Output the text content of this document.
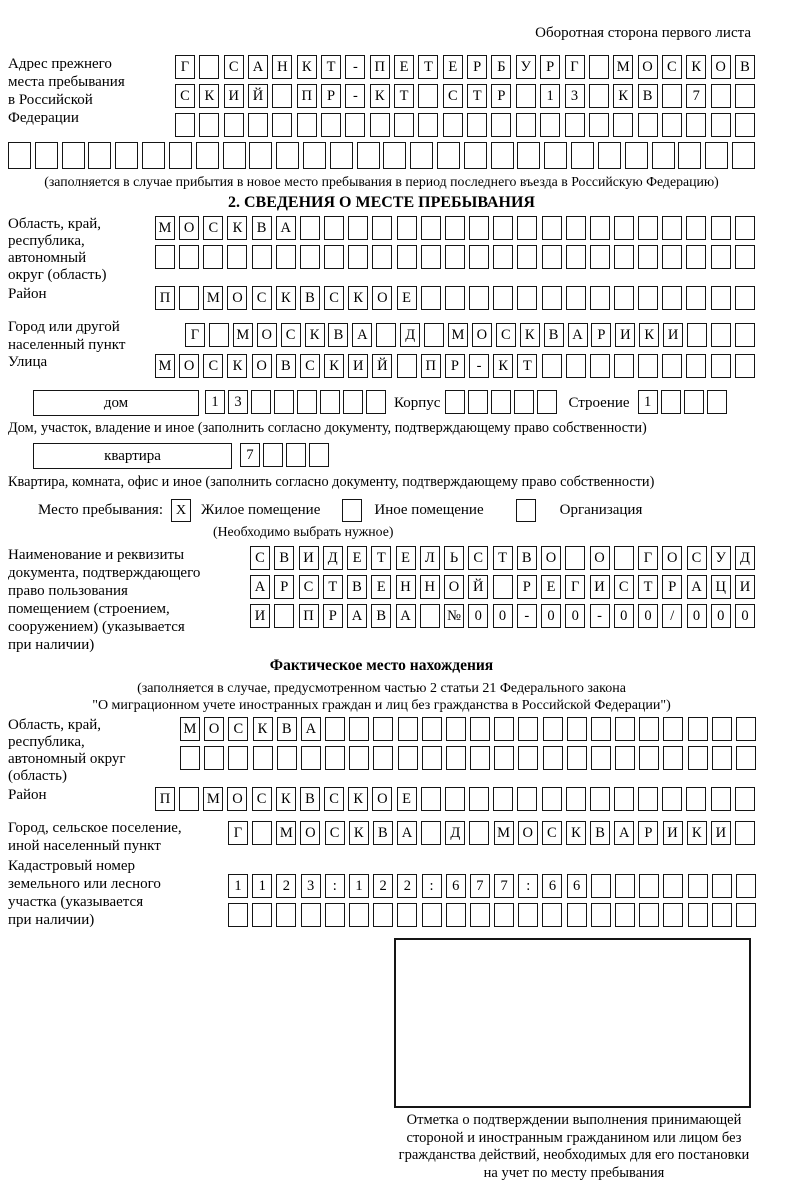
Оборотная сторона первого листа
Адрес прежнего
места пребывания
в Российской
Федерации
Г	С А Н К	Т	-	П	Е	Т	Е	Р	Б	У	Р	Г	М О С	К О В
С	К И Й	П	Р	-	К	Т	С	Т	Р	1	3	К	В	7
(заполняется в случае прибытия в новое место пребывания в период последнего въезда в Российскую Федерацию)
2. СВЕДЕНИЯ О МЕСТЕ ПРЕБЫВАНИЯ
Область, край,
республика,
автономный
округ (область)
М О С К В А
Район	П	М О С К В С К О Е
Город или другой
населенный пункт
Г	М О С К В А	Д	М О С К В А	Р	И К И
Улица	М О С К О В С К И Й	П	Р	-	К	Т
дом	1	3	Корпус	Строение 1
Дом, участок, владение и иное (заполнить согласно документу, подтверждающему право собственности)
квартира	7
Квартира, комната, офис и иное (заполнить согласно документу, подтверждающему право собственности)
Место пребывания: X Жилое помещение	Иное помещение	Организация
(Необходимо выбрать нужное)
Наименование и реквизиты
документа, подтверждающего
право пользования
помещением (строением,
сооружением) (указывается
при наличии)
С	В И Д	Е	Т	Е	Л	Ь	С	Т	В О	О	Г	О С У Д
А	Р	С	Т	В	Е	Н Н О Й	Р	Е	Г	И С	Т	Р	А Ц И
И	П	Р	А В А	№ 0	0	-	0	0	-	0	0	/	0	0	0
Фактическое место нахождения
(заполняется в случае, предусмотренном частью 2 статьи 21 Федерального закона
"О миграционном учете иностранных граждан и лиц без гражданства в Российской Федерации")
Область, край,
республика,
автономный округ
(область)
М О С	К	В А
Район	П	М О С К В С К О Е
Город, сельское поселение,
иной населенный пункт
Г	М О С К В А	Д	М О С К В А	Р	И К И
Кадастровый номер
земельного или лесного
участка (указывается
при наличии)
1	1	2	3	:	1	2	2	:	6	7	7	:	6	6
Отметка о подтверждении выполнения принимающей
стороной и иностранным гражданином или лицом без
гражданства действий, необходимых для его постановки
на учет по месту пребывания
